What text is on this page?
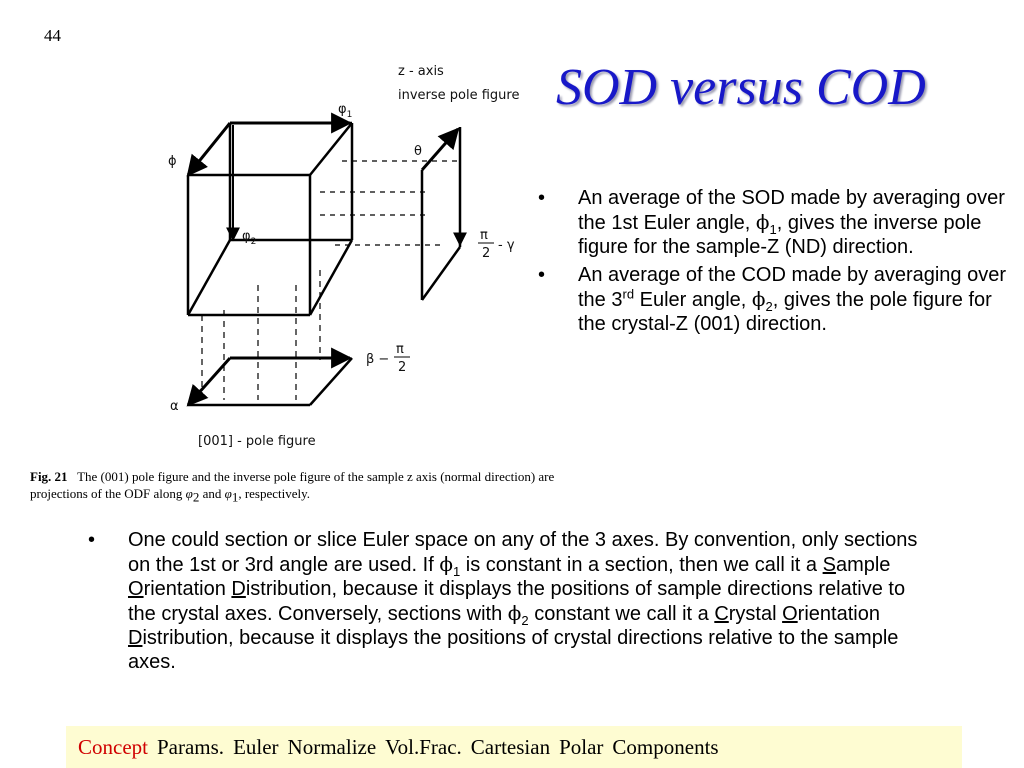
44
SOD versus COD
z - axis
inverse pole figure
$\varphi_1$
ϕ
$\varphi_2$
θ
π
2
- γ
β −
π
2
α
[001] - pole figure
Fig. 21 The (001) pole figure and the inverse pole figure of the sample z axis (normal direction) are
projections of the ODF along $\varphi_2$ and $\varphi_1$, respectively.
•	An average of the SOD made by averaging over the 1st Euler angle, $\phi_1$, gives the inverse pole figure for the sample-Z (ND) direction.
•	An average of the COD made by averaging over the 3rd Euler angle, $\phi_2$, gives the pole figure for the crystal-Z (001) direction.
•	One could section or slice Euler space on any of the 3 axes. By convention, only sections on the 1st or 3rd angle are used. If $\phi_1$ is constant in a section, then we call it a Sample Orientation Distribution, because it displays the positions of sample directions relative to the crystal axes. Conversely, sections with $\phi_2$ constant we call it a Crystal Orientation Distribution, because it displays the positions of crystal directions relative to the sample axes.
Concept Params. Euler Normalize Vol.Frac. Cartesian Polar Components
